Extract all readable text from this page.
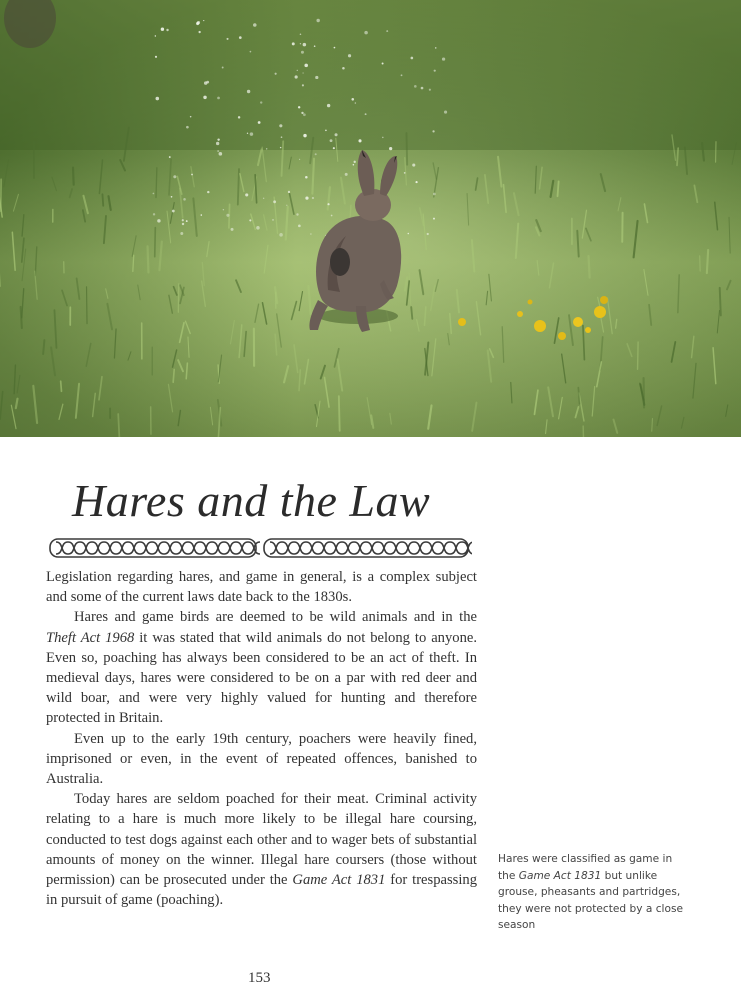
Hares and the Law

Legislation regarding hares, and game in general, is a complex subject and some of the current laws date back to the 1830s.

Hares and game birds are deemed to be wild animals and in the Theft Act 1968 it was stated that wild animals do not belong to anyone. Even so, poaching has always been considered to be an act of theft. In medieval days, hares were considered to be on a par with red deer and wild boar, and were very highly valued for hunting and therefore protected in Britain.

Even up to the early 19th century, poachers were heavily fined, imprisoned or even, in the event of repeated offences, banished to Australia.

Today hares are seldom poached for their meat. Criminal activity relating to a hare is much more likely to be illegal hare coursing, conducted to test dogs against each other and to wager bets of substantial amounts of money on the winner. Illegal hare coursers (those without permission) can be prosecuted under the Game Act 1831 for trespassing in pursuit of game (poaching).

Hares were classified as game in the Game Act 1831 but unlike grouse, pheasants and partridges, they were not protected by a close season
153
